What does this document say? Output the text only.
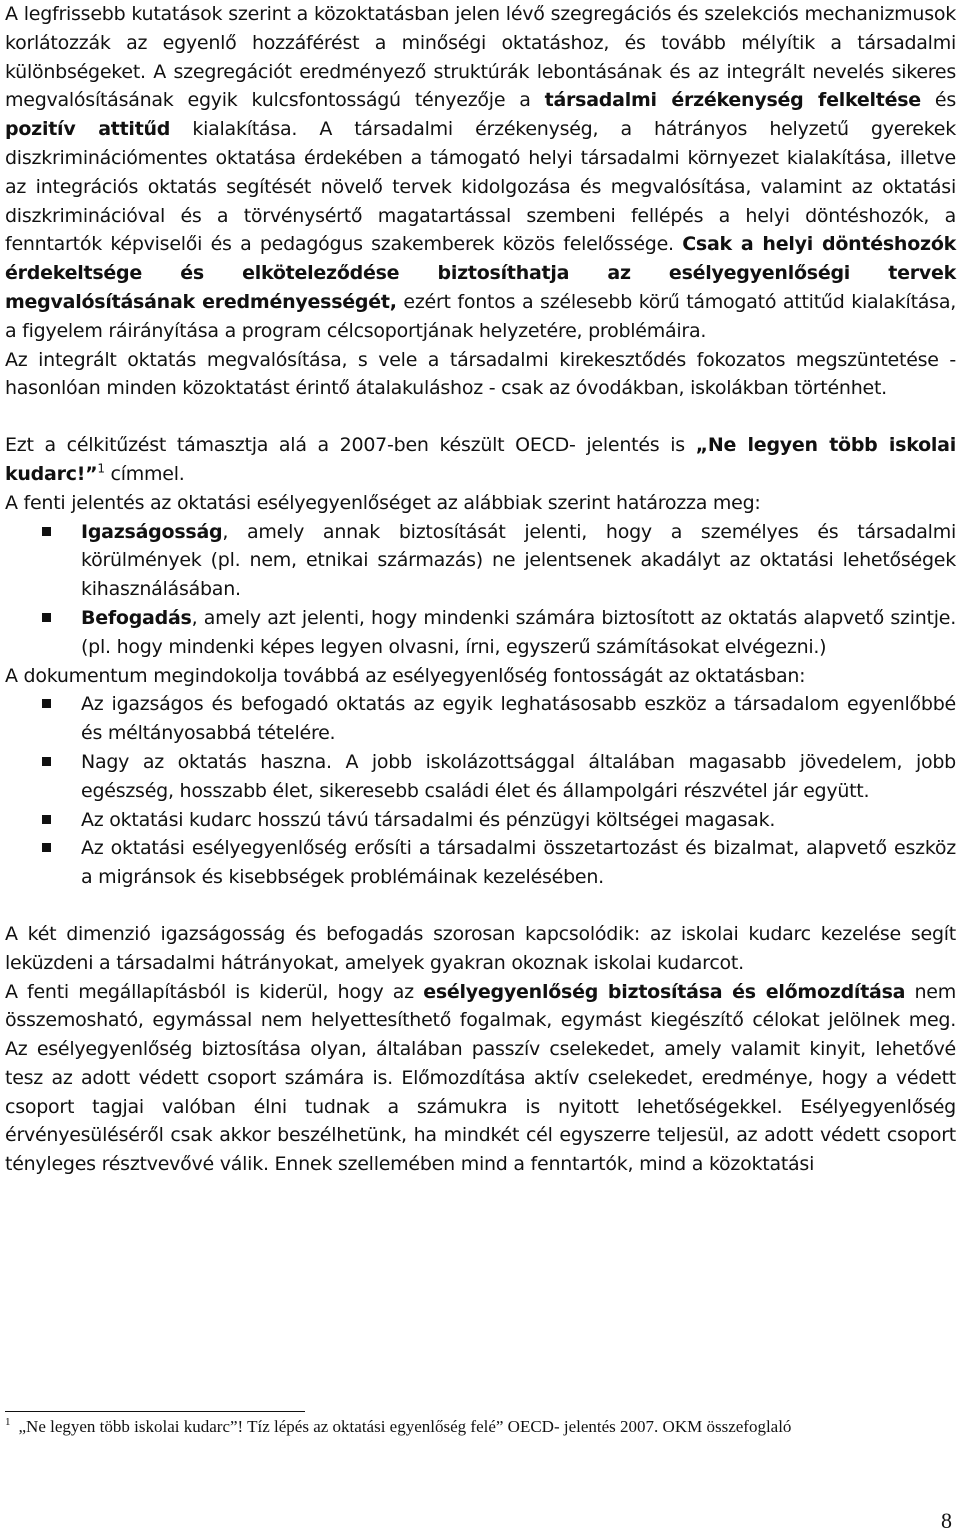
A legfrissebb kutatások szerint a közoktatásban jelen lévő szegregációs és szelekciós mechanizmusok korlátozzák az egyenlő hozzáférést a minőségi oktatáshoz, és tovább mélyítik a társadalmi különbségeket. A szegregációt eredményező struktúrák lebontásának és az integrált nevelés sikeres megvalósításának egyik kulcsfontosságú tényezője a társadalmi érzékenység felkeltése és pozitív attitűd kialakítása. A társadalmi érzékenység, a hátrányos helyzetű gyerekek diszkriminációmentes oktatása érdekében a támogató helyi társadalmi környezet kialakítása, illetve az integrációs oktatás segítését növelő tervek kidolgozása és megvalósítása, valamint az oktatási diszkriminációval és a törvénysértő magatartással szembeni fellépés a helyi döntéshozók, a fenntartók képviselői és a pedagógus szakemberek közös felelőssége. Csak a helyi döntéshozók érdekeltsége és elköteleződése biztosíthatja az esélyegyenlőségi tervek megvalósításának eredményességét, ezért fontos a szélesebb körű támogató attitűd kialakítása, a figyelem ráirányítása a program célcsoportjának helyzetére, problémáira.

Az integrált oktatás megvalósítása, s vele a társadalmi kirekesztődés fokozatos megszüntetése - hasonlóan minden közoktatást érintő átalakuláshoz - csak az óvodákban, iskolákban történhet.

Ezt a célkitűzést támasztja alá a 2007-ben készült OECD- jelentés is „Ne legyen több iskolai kudarc!”$^1$ címmel.

A fenti jelentés az oktatási esélyegyenlőséget az alábbiak szerint határozza meg:

Igazságosság, amely annak biztosítását jelenti, hogy a személyes és társadalmi körülmények (pl. nem, etnikai származás) ne jelentsenek akadályt az oktatási lehetőségek kihasználásában.
Befogadás, amely azt jelenti, hogy mindenki számára biztosított az oktatás alapvető szintje.(pl. hogy mindenki képes legyen olvasni, írni, egyszerű számításokat elvégezni.)

A dokumentum megindokolja továbbá az esélyegyenlőség fontosságát az oktatásban:

Az igazságos és befogadó oktatás az egyik leghatásosabb eszköz a társadalom egyenlőbbé és méltányosabbá tételére.
Nagy az oktatás haszna. A jobb iskolázottsággal általában magasabb jövedelem, jobb egészség, hosszabb élet, sikeresebb családi élet és állampolgári részvétel jár együtt.
Az oktatási kudarc hosszú távú társadalmi és pénzügyi költségei magasak.
Az oktatási esélyegyenlőség erősíti a társadalmi összetartozást és bizalmat, alapvető eszköz a migránsok és kisebbségek problémáinak kezelésében.

A két dimenzió igazságosság és befogadás szorosan kapcsolódik: az iskolai kudarc kezelése segít leküzdeni a társadalmi hátrányokat, amelyek gyakran okoznak iskolai kudarcot.

A fenti megállapításból is kiderül, hogy az esélyegyenlőség biztosítása és előmozdítása nem összemosható, egymással nem helyettesíthető fogalmak, egymást kiegészítő célokat jelölnek meg. Az esélyegyenlőség biztosítása olyan, általában passzív cselekedet, amely valamit kinyit, lehetővé tesz az adott védett csoport számára is. Előmozdítása aktív cselekedet, eredménye, hogy a védett csoport tagjai valóban élni tudnak a számukra is nyitott lehetőségekkel. Esélyegyenlőség érvényesüléséről csak akkor beszélhetünk, ha mindkét cél egyszerre teljesül, az adott védett csoport tényleges résztvevővé válik. Ennek szellemében mind a fenntartók, mind a közoktatási

$^1$ „Ne legyen több iskolai kudarc”! Tíz lépés az oktatási egyenlőség felé” OECD- jelentés 2007. OKM összefoglaló
8
